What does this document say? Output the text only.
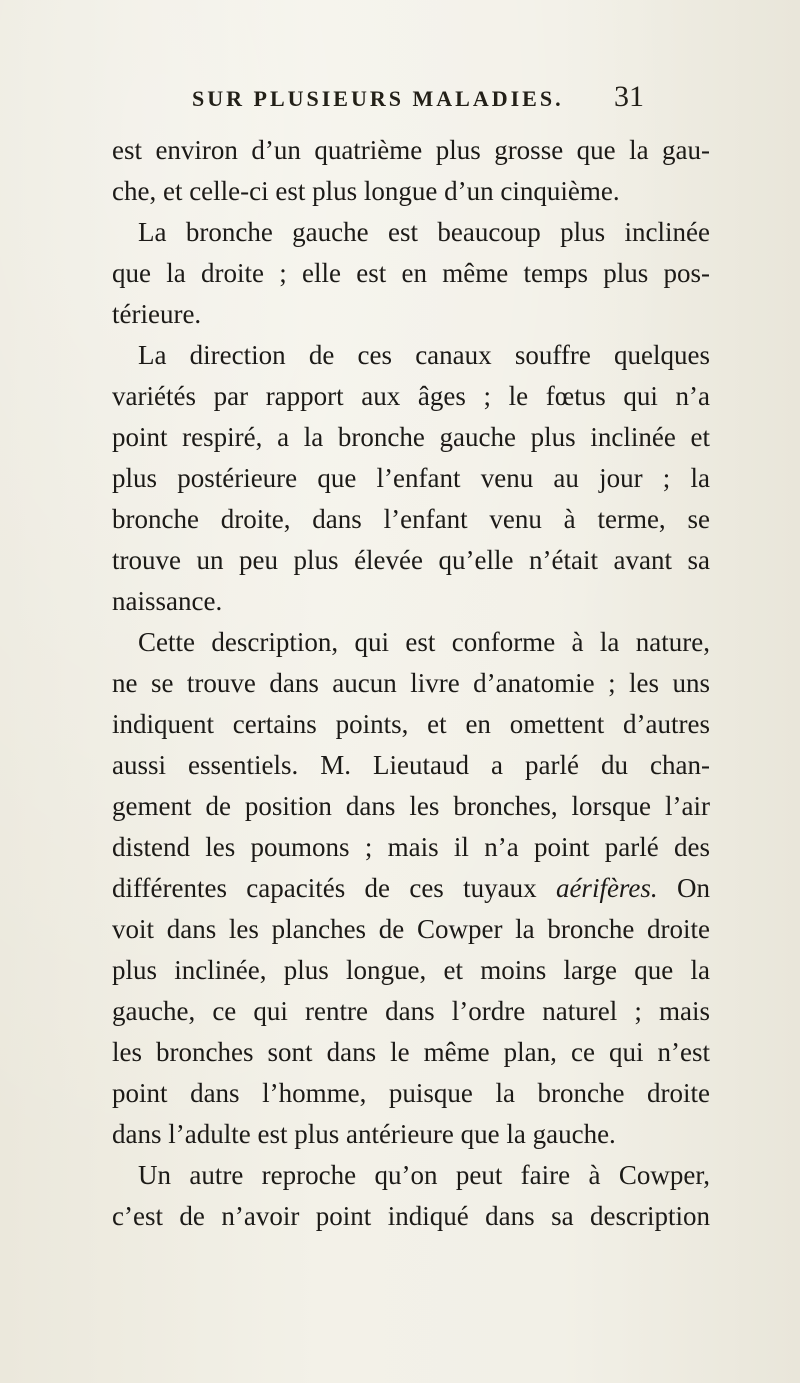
SUR PLUSIEURS MALADIES. 31
est environ d’un quatrième plus grosse que la gau-
che, et celle-ci est plus longue d’un cinquième.
La bronche gauche est beaucoup plus inclinée
que la droite ; elle est en même temps plus pos-
térieure.
La direction de ces canaux souffre quelques
variétés par rapport aux âges ; le fœtus qui n’a
point respiré, a la bronche gauche plus inclinée et
plus postérieure que l’enfant venu au jour ; la
bronche droite, dans l’enfant venu à terme, se
trouve un peu plus élevée qu’elle n’était avant sa
naissance.
Cette description, qui est conforme à la nature,
ne se trouve dans aucun livre d’anatomie ; les uns
indiquent certains points, et en omettent d’autres
aussi essentiels. M. Lieutaud a parlé du chan-
gement de position dans les bronches, lorsque l’air
distend les poumons ; mais il n’a point parlé des
différentes capacités de ces tuyaux aérifères. On
voit dans les planches de Cowper la bronche droite
plus inclinée, plus longue, et moins large que la
gauche, ce qui rentre dans l’ordre naturel ; mais
les bronches sont dans le même plan, ce qui n’est
point dans l’homme, puisque la bronche droite
dans l’adulte est plus antérieure que la gauche.
Un autre reproche qu’on peut faire à Cowper,
c’est de n’avoir point indiqué dans sa description
